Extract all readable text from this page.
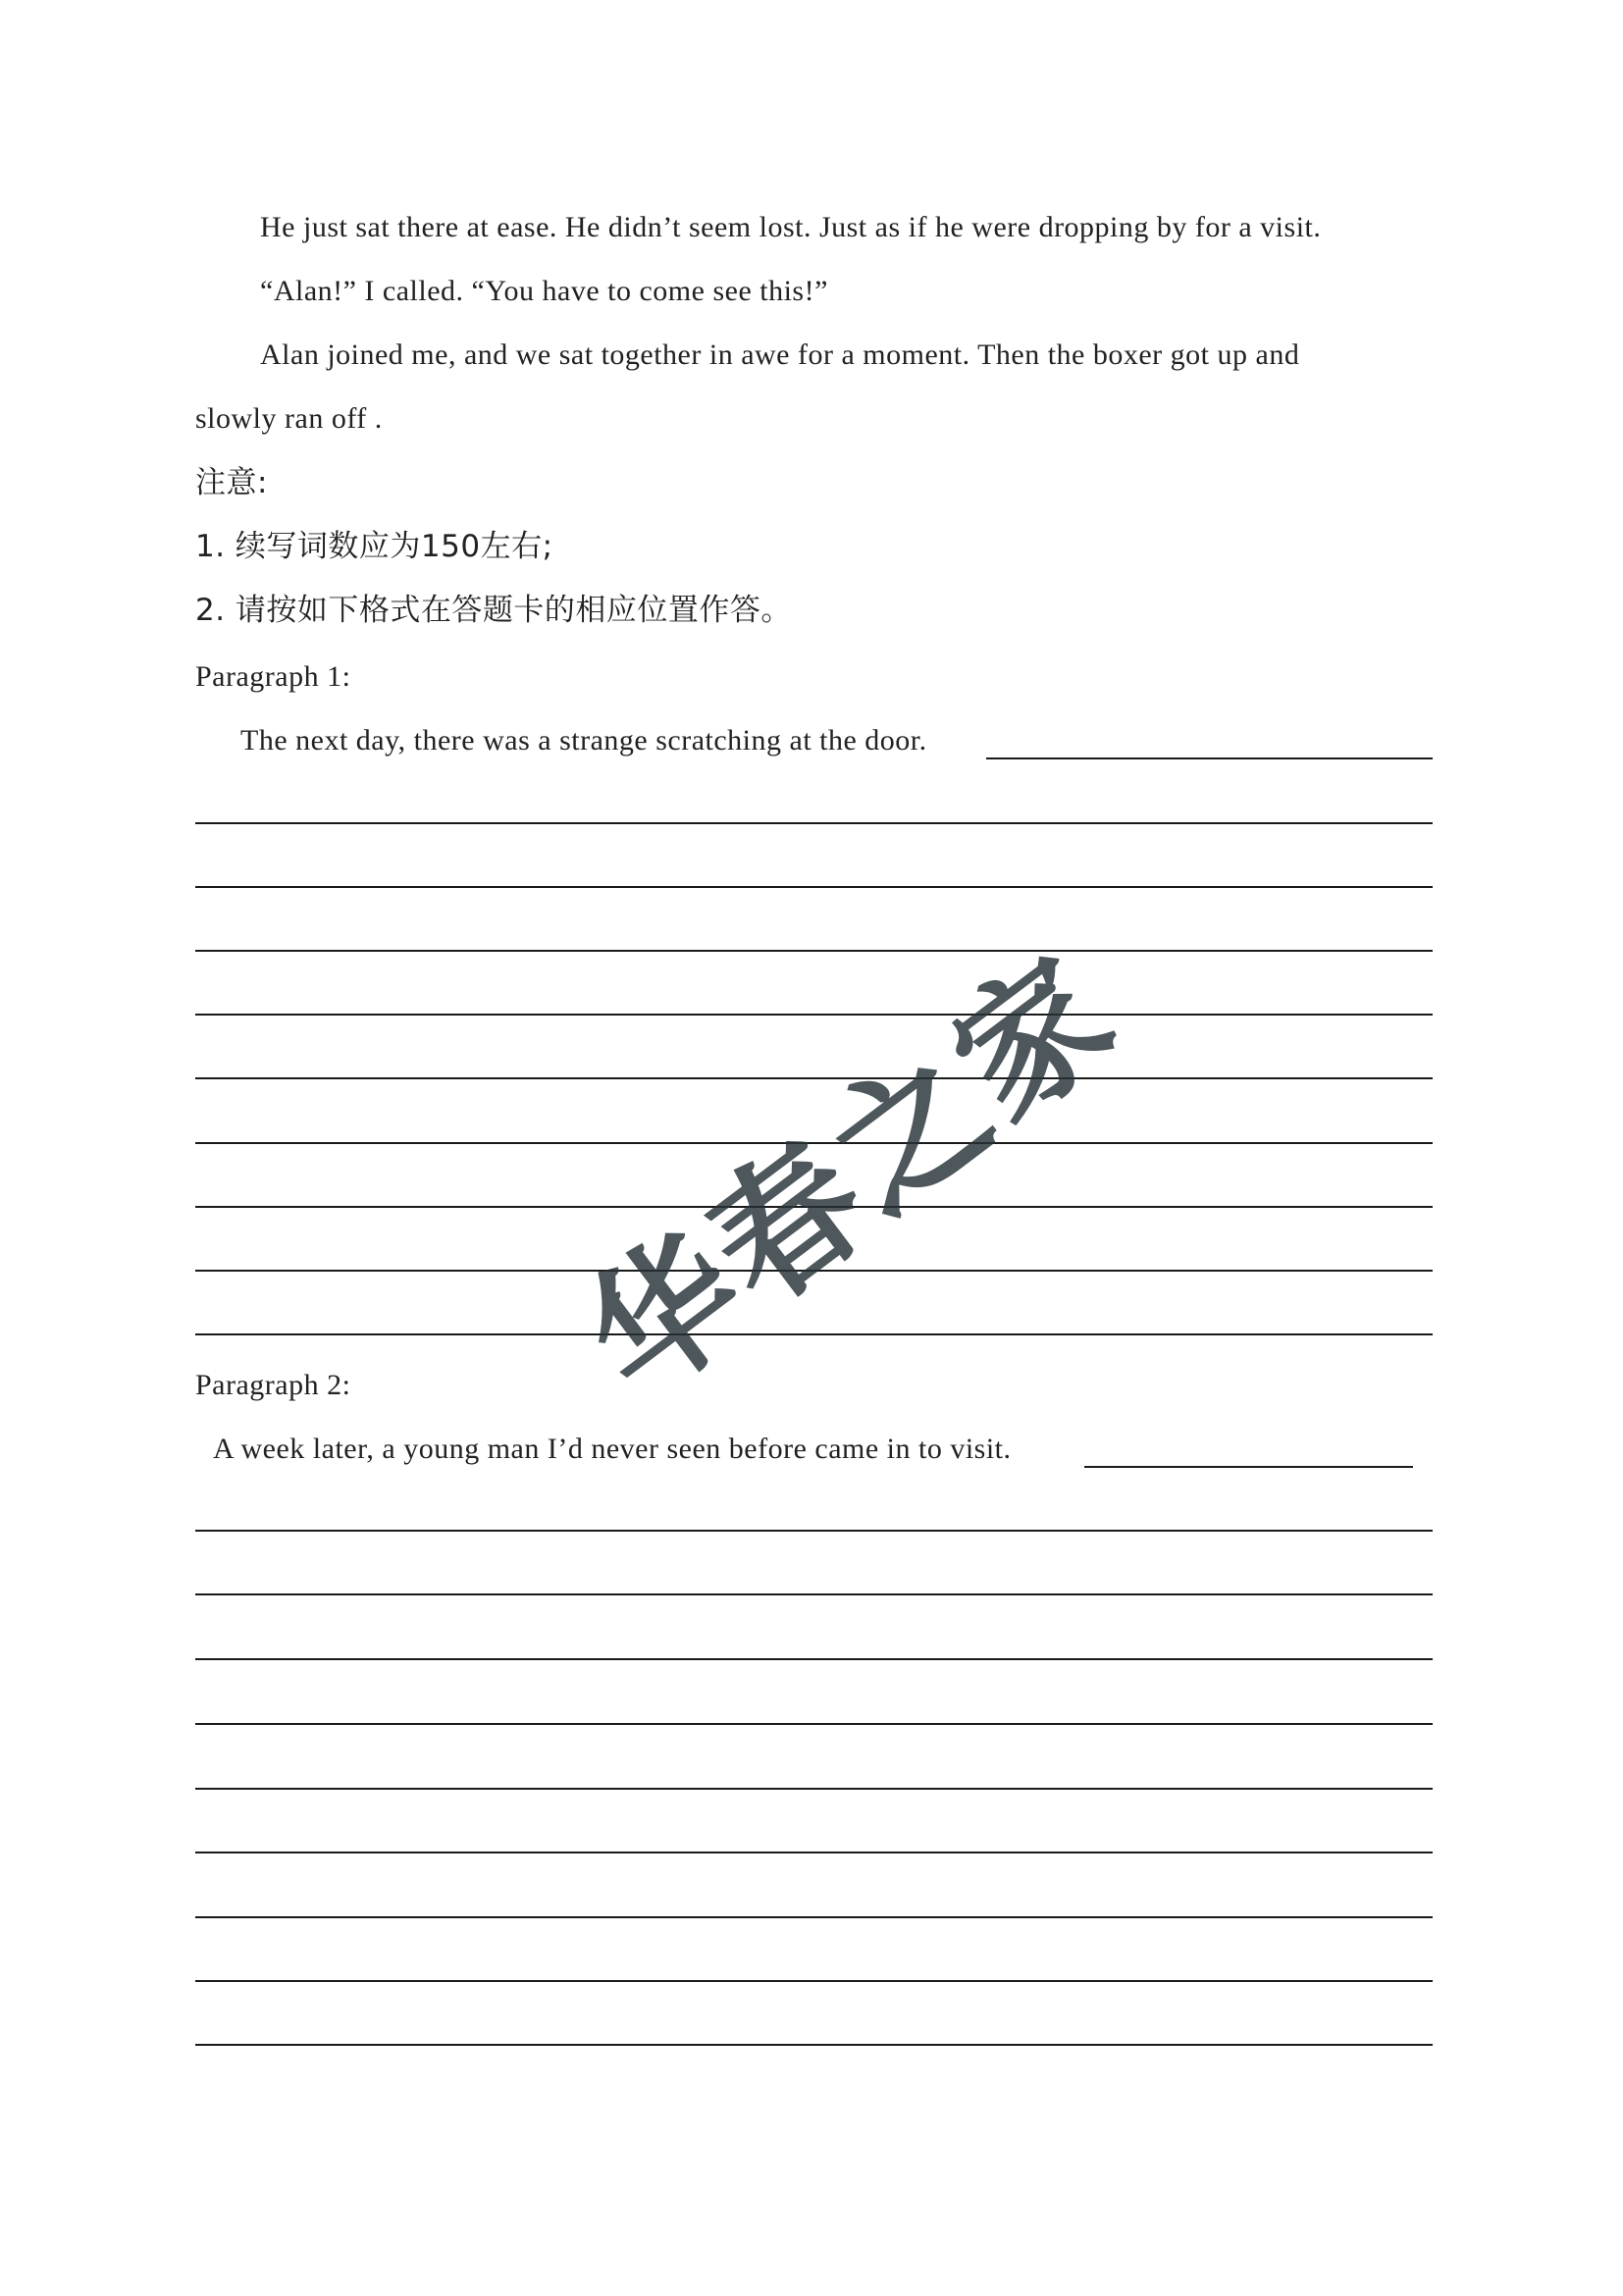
He just sat there at ease. He didn’t seem lost. Just as if he were dropping by for a visit.
“Alan!” I called. “You have to come see this!”
Alan joined me, and we sat together in awe for a moment. Then the boxer got up and
slowly ran off .
注意:
1. 续写词数应为150左右;
2. 请按如下格式在答题卡的相应位置作答。
Paragraph 1:
The next day, there was a strange scratching at the door.
Paragraph 2:
A week later, a young man I’d never seen before came in to visit.
华春之家
